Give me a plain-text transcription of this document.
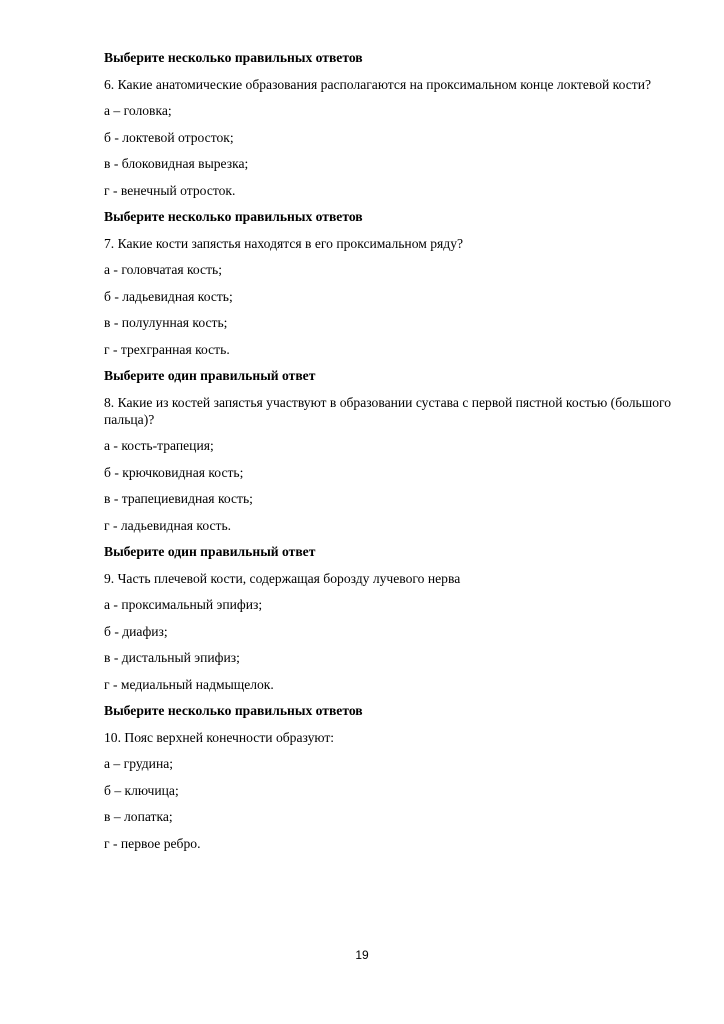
Выберите несколько правильных ответов

6. Какие анатомические образования располагаются на проксимальном конце локтевой кости?

а – головка;

б - локтевой отросток;

в - блоковидная вырезка;

г - венечный отросток.

Выберите несколько правильных ответов

7. Какие кости запястья находятся в его проксимальном ряду?

а - головчатая кость;

б - ладьевидная кость;

в - полулунная кость;

г - трехгранная кость.

Выберите один правильный ответ

8. Какие из костей запястья участвуют в образовании сустава с первой пястной костью (большого пальца)?

а - кость-трапеция;

б - крючковидная кость;

в - трапециевидная кость;

г - ладьевидная кость.

Выберите один правильный ответ

9. Часть плечевой кости, содержащая борозду лучевого нерва

а - проксимальный эпифиз;

б - диафиз;

в - дистальный эпифиз;

г - медиальный надмыщелок.

Выберите несколько правильных ответов

10. Пояс верхней конечности образуют:

а – грудина;

б – ключица;

в – лопатка;

г - первое ребро.

19
